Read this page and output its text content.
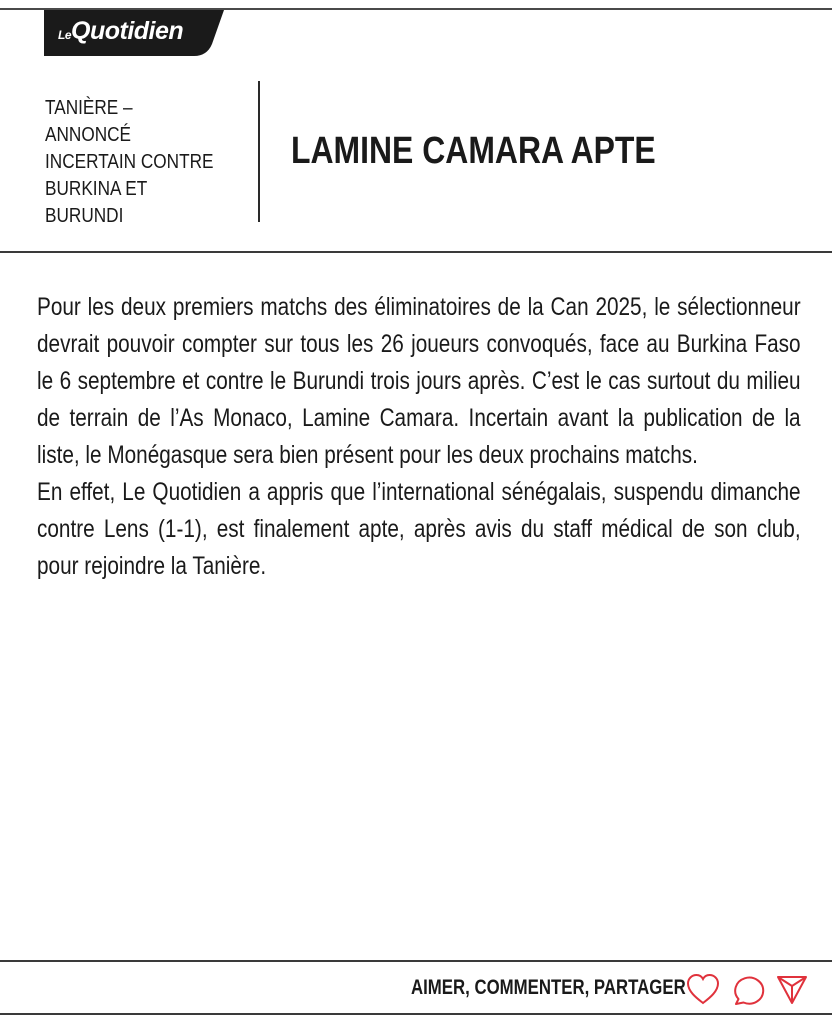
LeQuotidien
TANIÈRE – ANNONCÉ
INCERTAIN CONTRE
BURKINA ET
BURUNDI
LAMINE CAMARA APTE

Pour les deux premiers matchs des éliminatoires de la Can 2025, le sélectionneur devrait pouvoir compter sur tous les 26 joueurs convoqués, face au Burkina Faso le 6 septembre et contre le Burundi trois jours après. C’est le cas surtout du milieu de terrain de l’As Monaco, Lamine Camara. Incertain avant la publication de la liste, le Monégasque sera bien présent pour les deux prochains matchs.

En effet, Le Quotidien a appris que l’international sénégalais, suspendu dimanche contre Lens (1-1), est finalement apte, après avis du staff médical de son club, pour rejoindre la Tanière.

AIMER, COMMENTER, PARTAGER
